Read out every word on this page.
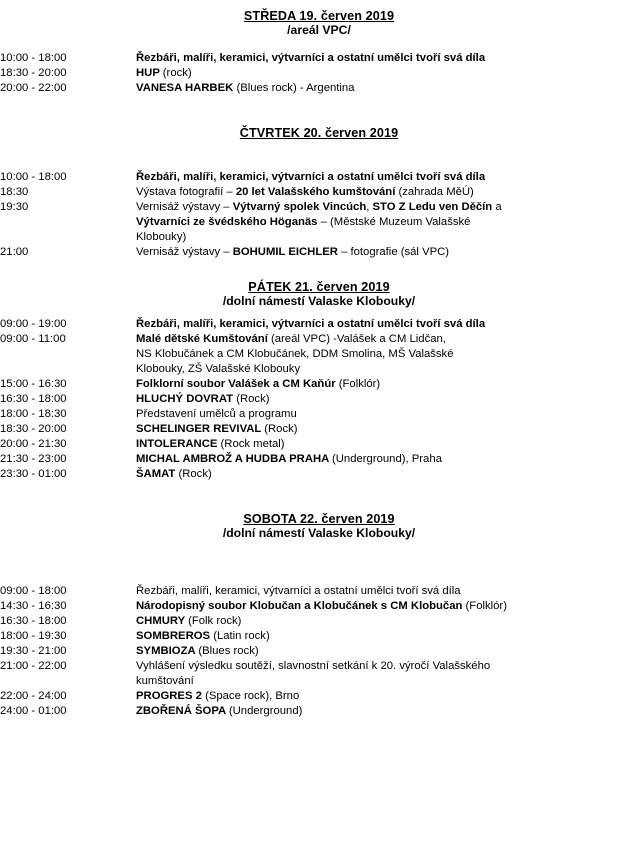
STŘEDA 19. červen 2019
/areál VPC/
10:00 - 18:00	Řezbáři, malíři, keramici, výtvarníci a ostatní umělci tvoří svá díla
18:30 - 20:00	HUP (rock)
20:00 - 22:00	VANESA HARBEK (Blues rock) - Argentina
ČTVRTEK 20. červen 2019
10:00 - 18:00	Řezbáři, malíři, keramici, výtvarníci a ostatní umělci tvoří svá díla
18:30	Výstava fotografií – 20 let Valašského kumštování (zahrada MěÚ)
19:30	Vernisáž výstavy – Výtvarný spolek Vincúch, STO Z Ledu ven Děčín a
	Výtvarníci ze švédského Höganäs – (Městské Muzeum Valašské
	Klobouky)
21:00	Vernisáž výstavy – BOHUMIL EICHLER – fotografie (sál VPC)
PÁTEK 21. červen 2019
/dolní námestí Valaske Klobouky/
09:00 - 19:00	Řezbáři, malíři, keramici, výtvarníci a ostatní umělci tvoří svá díla
09:00 - 11:00	Malé dětské Kumštování (areál VPC) -Valášek a CM Lidčan,
	NS Klobučánek a CM Klobučánek, DDM Smolina, MŠ Valašské
	Klobouky, ZŠ Valašské Klobouky
15:00 - 16:30	Folklorní soubor Valášek a CM Kaňúr (Folklór)
16:30 - 18:00	HLUCHÝ DOVRAT (Rock)
18:00 - 18:30	Představení umělců a programu
18:30 - 20:00	SCHELINGER REVIVAL (Rock)
20:00 - 21:30	INTOLERANCE (Rock metal)
21:30 - 23:00	MICHAL AMBROŽ A HUDBA PRAHA (Underground), Praha
23:30 - 01:00	ŠAMAT (Rock)
SOBOTA 22. červen 2019
/dolní námestí Valaske Klobouky/
09:00 - 18:00	Řezbáři, malíři, keramici, výtvarníci a ostatní umělci tvoří svá díla
14:30 - 16:30	Národopisný soubor Klobučan a Klobučánek s CM Klobučan (Folklór)
16:30 - 18:00	CHMURY (Folk rock)
18:00 - 19:30	SOMBREROS (Latin rock)
19:30 - 21:00	SYMBIOZA (Blues rock)
21:00 - 22:00	Vyhlášení výsledku soutěží, slavnostní setkání k 20. výročí Valašského
	kumštování
22:00 - 24:00	PROGRES 2 (Space rock), Brno
24:00 - 01:00	ZBOŘENÁ ŠOPA (Underground)
